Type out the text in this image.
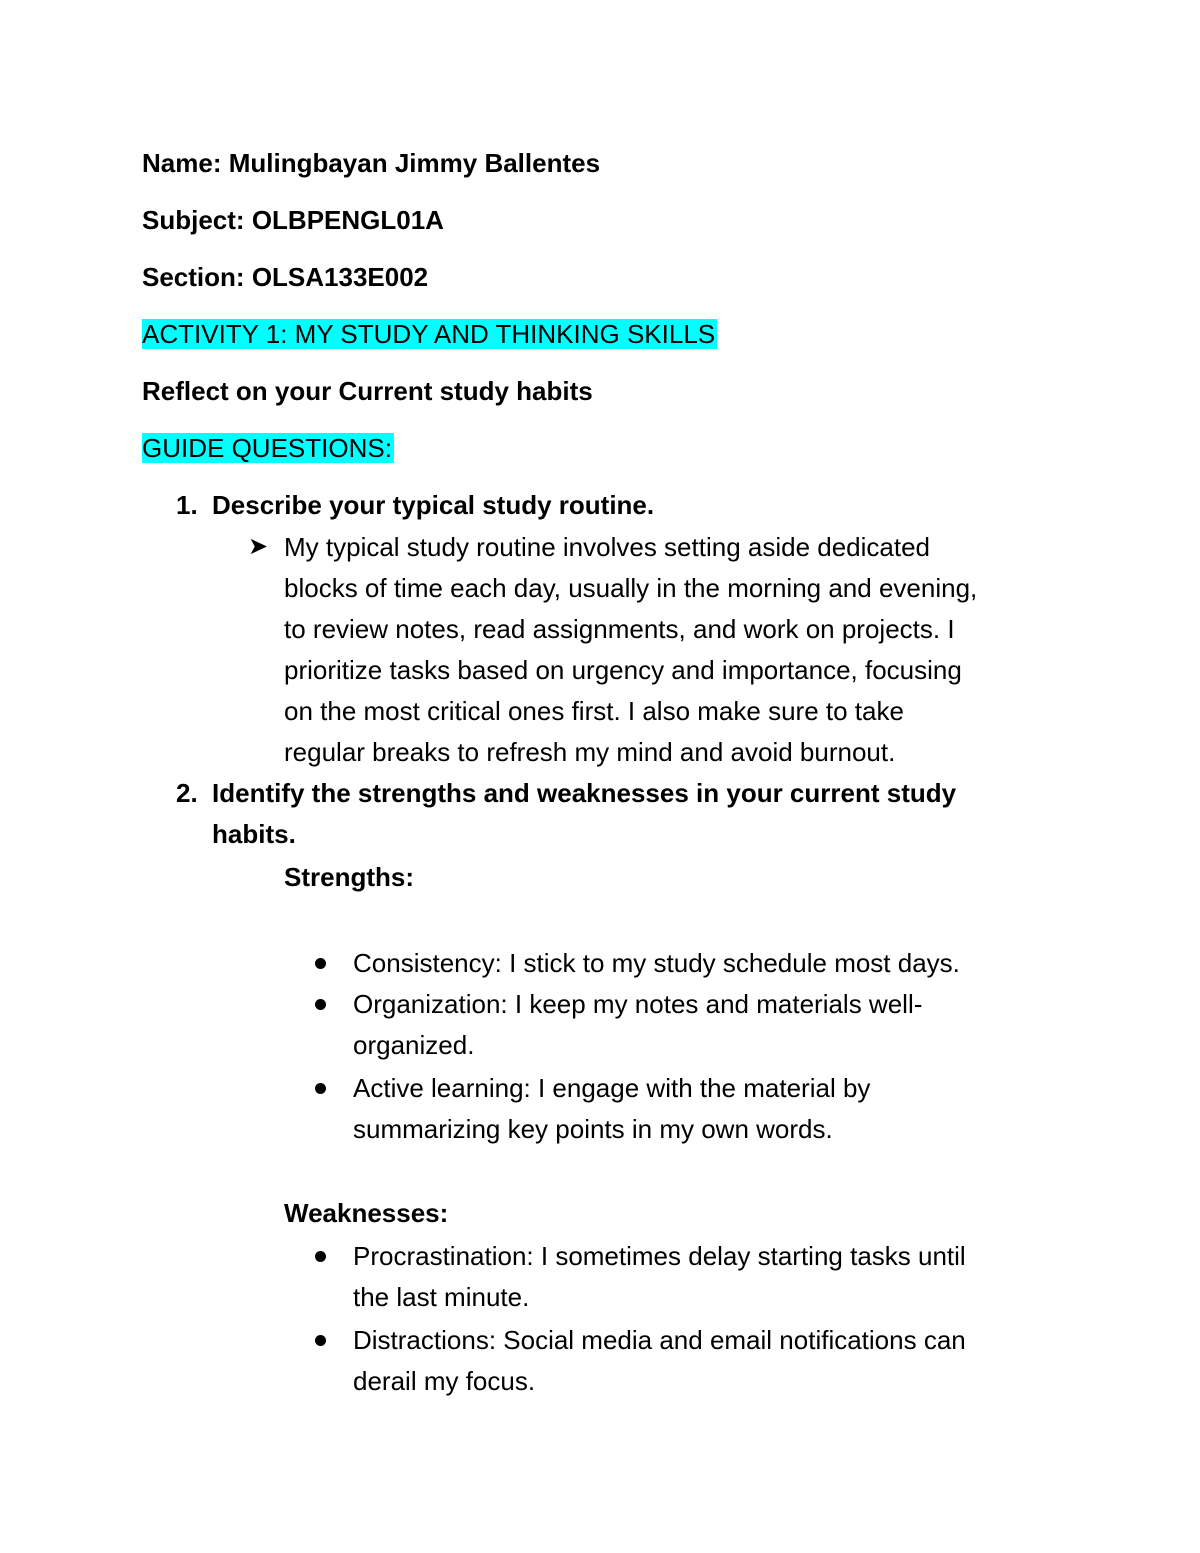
Name: Mulingbayan Jimmy Ballentes
Subject: OLBPENGL01A
Section: OLSA133E002
ACTIVITY 1: MY STUDY AND THINKING SKILLS
Reflect on your Current study habits
GUIDE QUESTIONS:
1. Describe your typical study routine.
➤ My typical study routine involves setting aside dedicated
blocks of time each day, usually in the morning and evening,
to review notes, read assignments, and work on projects. I
prioritize tasks based on urgency and importance, focusing
on the most critical ones first. I also make sure to take
regular breaks to refresh my mind and avoid burnout.
2. Identify the strengths and weaknesses in your current study
habits.
Strengths:
Consistency: I stick to my study schedule most days.
Organization: I keep my notes and materials well-
organized.
Active learning: I engage with the material by
summarizing key points in my own words.
Weaknesses:
Procrastination: I sometimes delay starting tasks until
the last minute.
Distractions: Social media and email notifications can
derail my focus.
